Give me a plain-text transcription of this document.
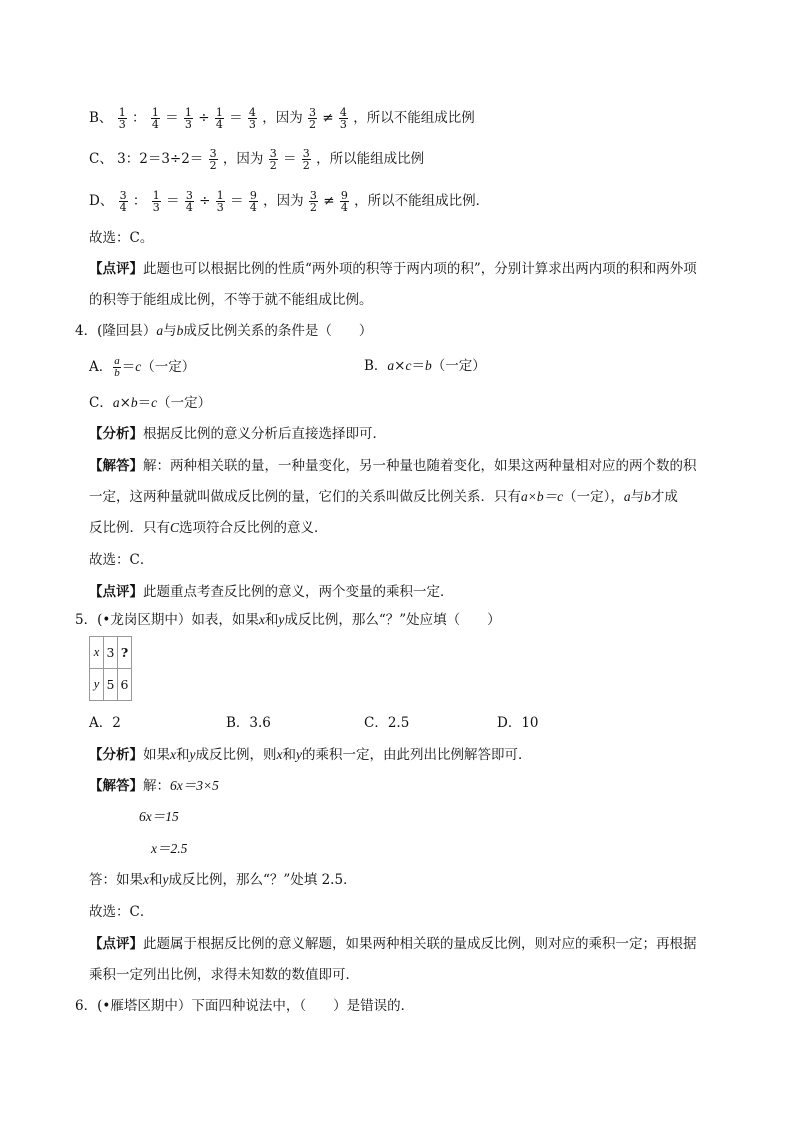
B、 $\frac{1}{3}$ ： $\frac{1}{4} = \frac{1}{3} \div \frac{1}{4} = \frac{4}{3}$ ，因为 $\frac{3}{2} \ne \frac{4}{3}$ ，所以不能组成比例
C、 3：$2=3\div 2= \frac{3}{2}$ ，因为 $\frac{3}{2} = \frac{3}{2}$ ，所以能组成比例
D、 $\frac{3}{4}$ ： $\frac{1}{3} = \frac{3}{4} \div \frac{1}{3} = \frac{9}{4}$ ，因为 $\frac{3}{2} \ne \frac{9}{4}$ ，所以不能组成比例．
故选：C。
【点评】此题也可以根据比例的性质“两外项的积等于两内项的积”，分别计算求出两内项的积和两外项
的积等于能组成比例，不等于就不能组成比例。
4．(隆回县）a与b成反比例关系的条件是（　　）
A． $\frac{a}{b} =c$（一定）	B．a×c＝b（一定）
C．a×b＝c（一定）
【分析】根据反比例的意义分析后直接选择即可．
【解答】解：两种相关联的量，一种量变化，另一种量也随着变化，如果这两种量相对应的两个数的积
一定，这两种量就叫做成反比例的量，它们的关系叫做反比例关系．只有a×b＝c（一定），a与b才成
反比例．只有C选项符合反比例的意义．
故选：C．
【点评】此题重点考查反比例的意义，两个变量的乘积一定．
5．(•龙岗区期中）如表，如果x和y成反比例，那么“？”处应填（　　）
x	3	?
y	5	6
A．2	B．3.6	C．2.5	D．10
【分析】如果x和y成反比例，则x和y的乘积一定，由此列出比例解答即可．
【解答】解：6x＝3×5
6x＝15
x＝2.5
答：如果x和y成反比例，那么“？”处填 2.5．
故选：C．
【点评】此题属于根据反比例的意义解题，如果两种相关联的量成反比例，则对应的乘积一定；再根据
乘积一定列出比例，求得未知数的数值即可．
6．(•雁塔区期中）下面四种说法中，（　　）是错误的．
